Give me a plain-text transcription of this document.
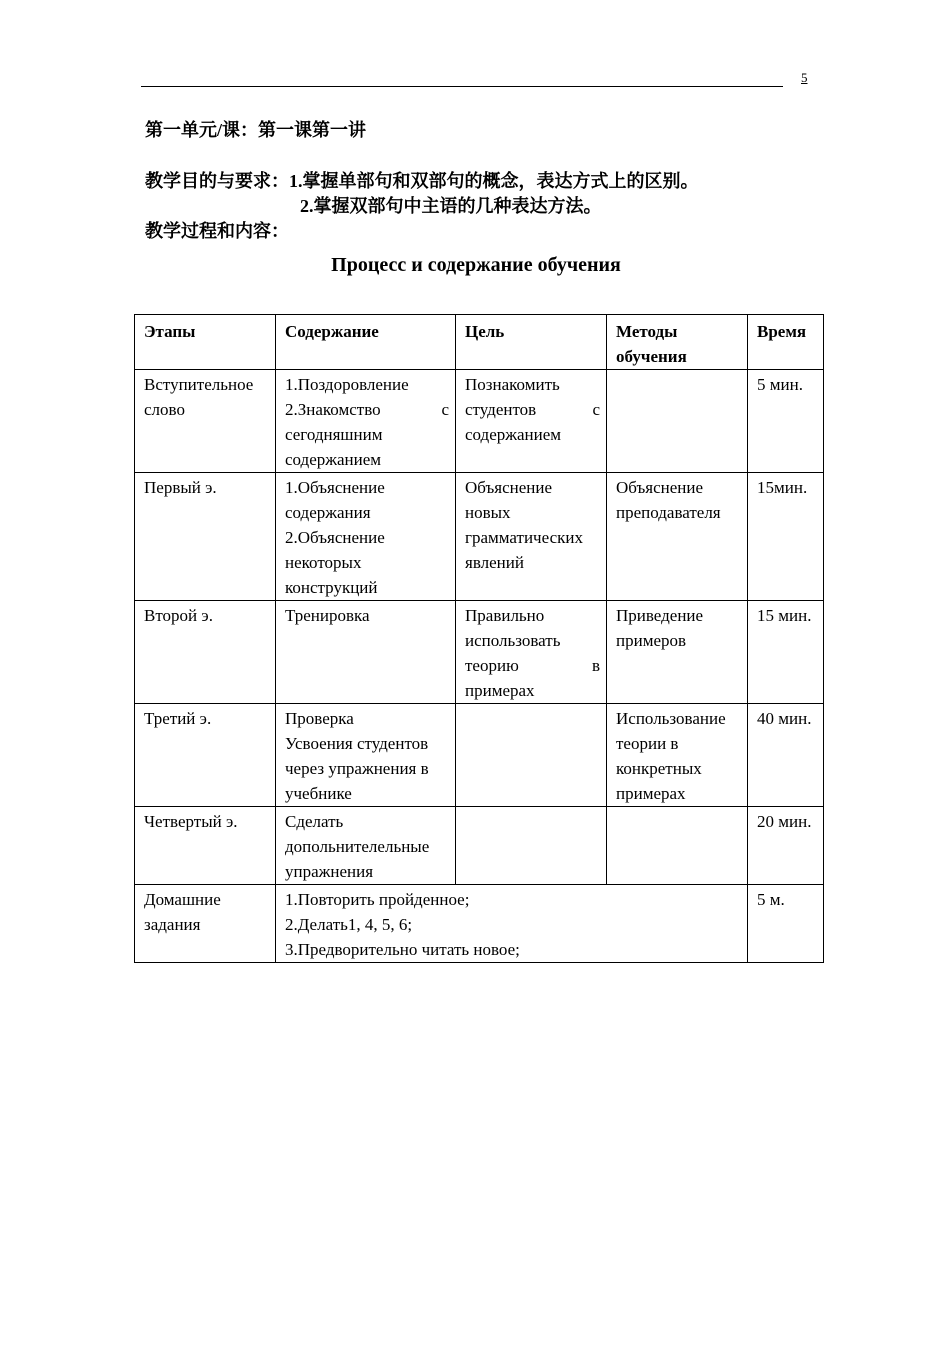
5
第一单元/课：第一课第一讲
教学目的与要求：1.掌握单部句和双部句的概念，表达方式上的区别。
2.掌握双部句中主语的几种表达方法。
教学过程和内容：
Процесс и содержание обучения
Этапы	Содержание	Цель	Методы обучения	Время
Вступительное слово	1.Поздоровление
2.Знакомство с
сегодняшним
содержанием	Познакомить
студентов с
содержанием		5 мин.
Первый э.	1.Объяснение
содержания
2.Объяснение
некоторых
конструкций	Объяснение
новых
грамматических
явлений	Объяснение преподавателя	15мин.
Второй э.	Тренировка	Правильно
использовать
теорию в
примерах	Приведение примеров	15 мин.
Третий э.	Проверка
Усвоения студентов
через упражнения в
учебнике		Использование теории в конкретных примерах	40 мин.
Четвертый э.	Сделать
допольнителельные
упражнения			20 мин.
Домашние задания	1.Повторить пройденное;
2.Делать1, 4, 5, 6;
3.Предворительно читать новое;			5 м.
